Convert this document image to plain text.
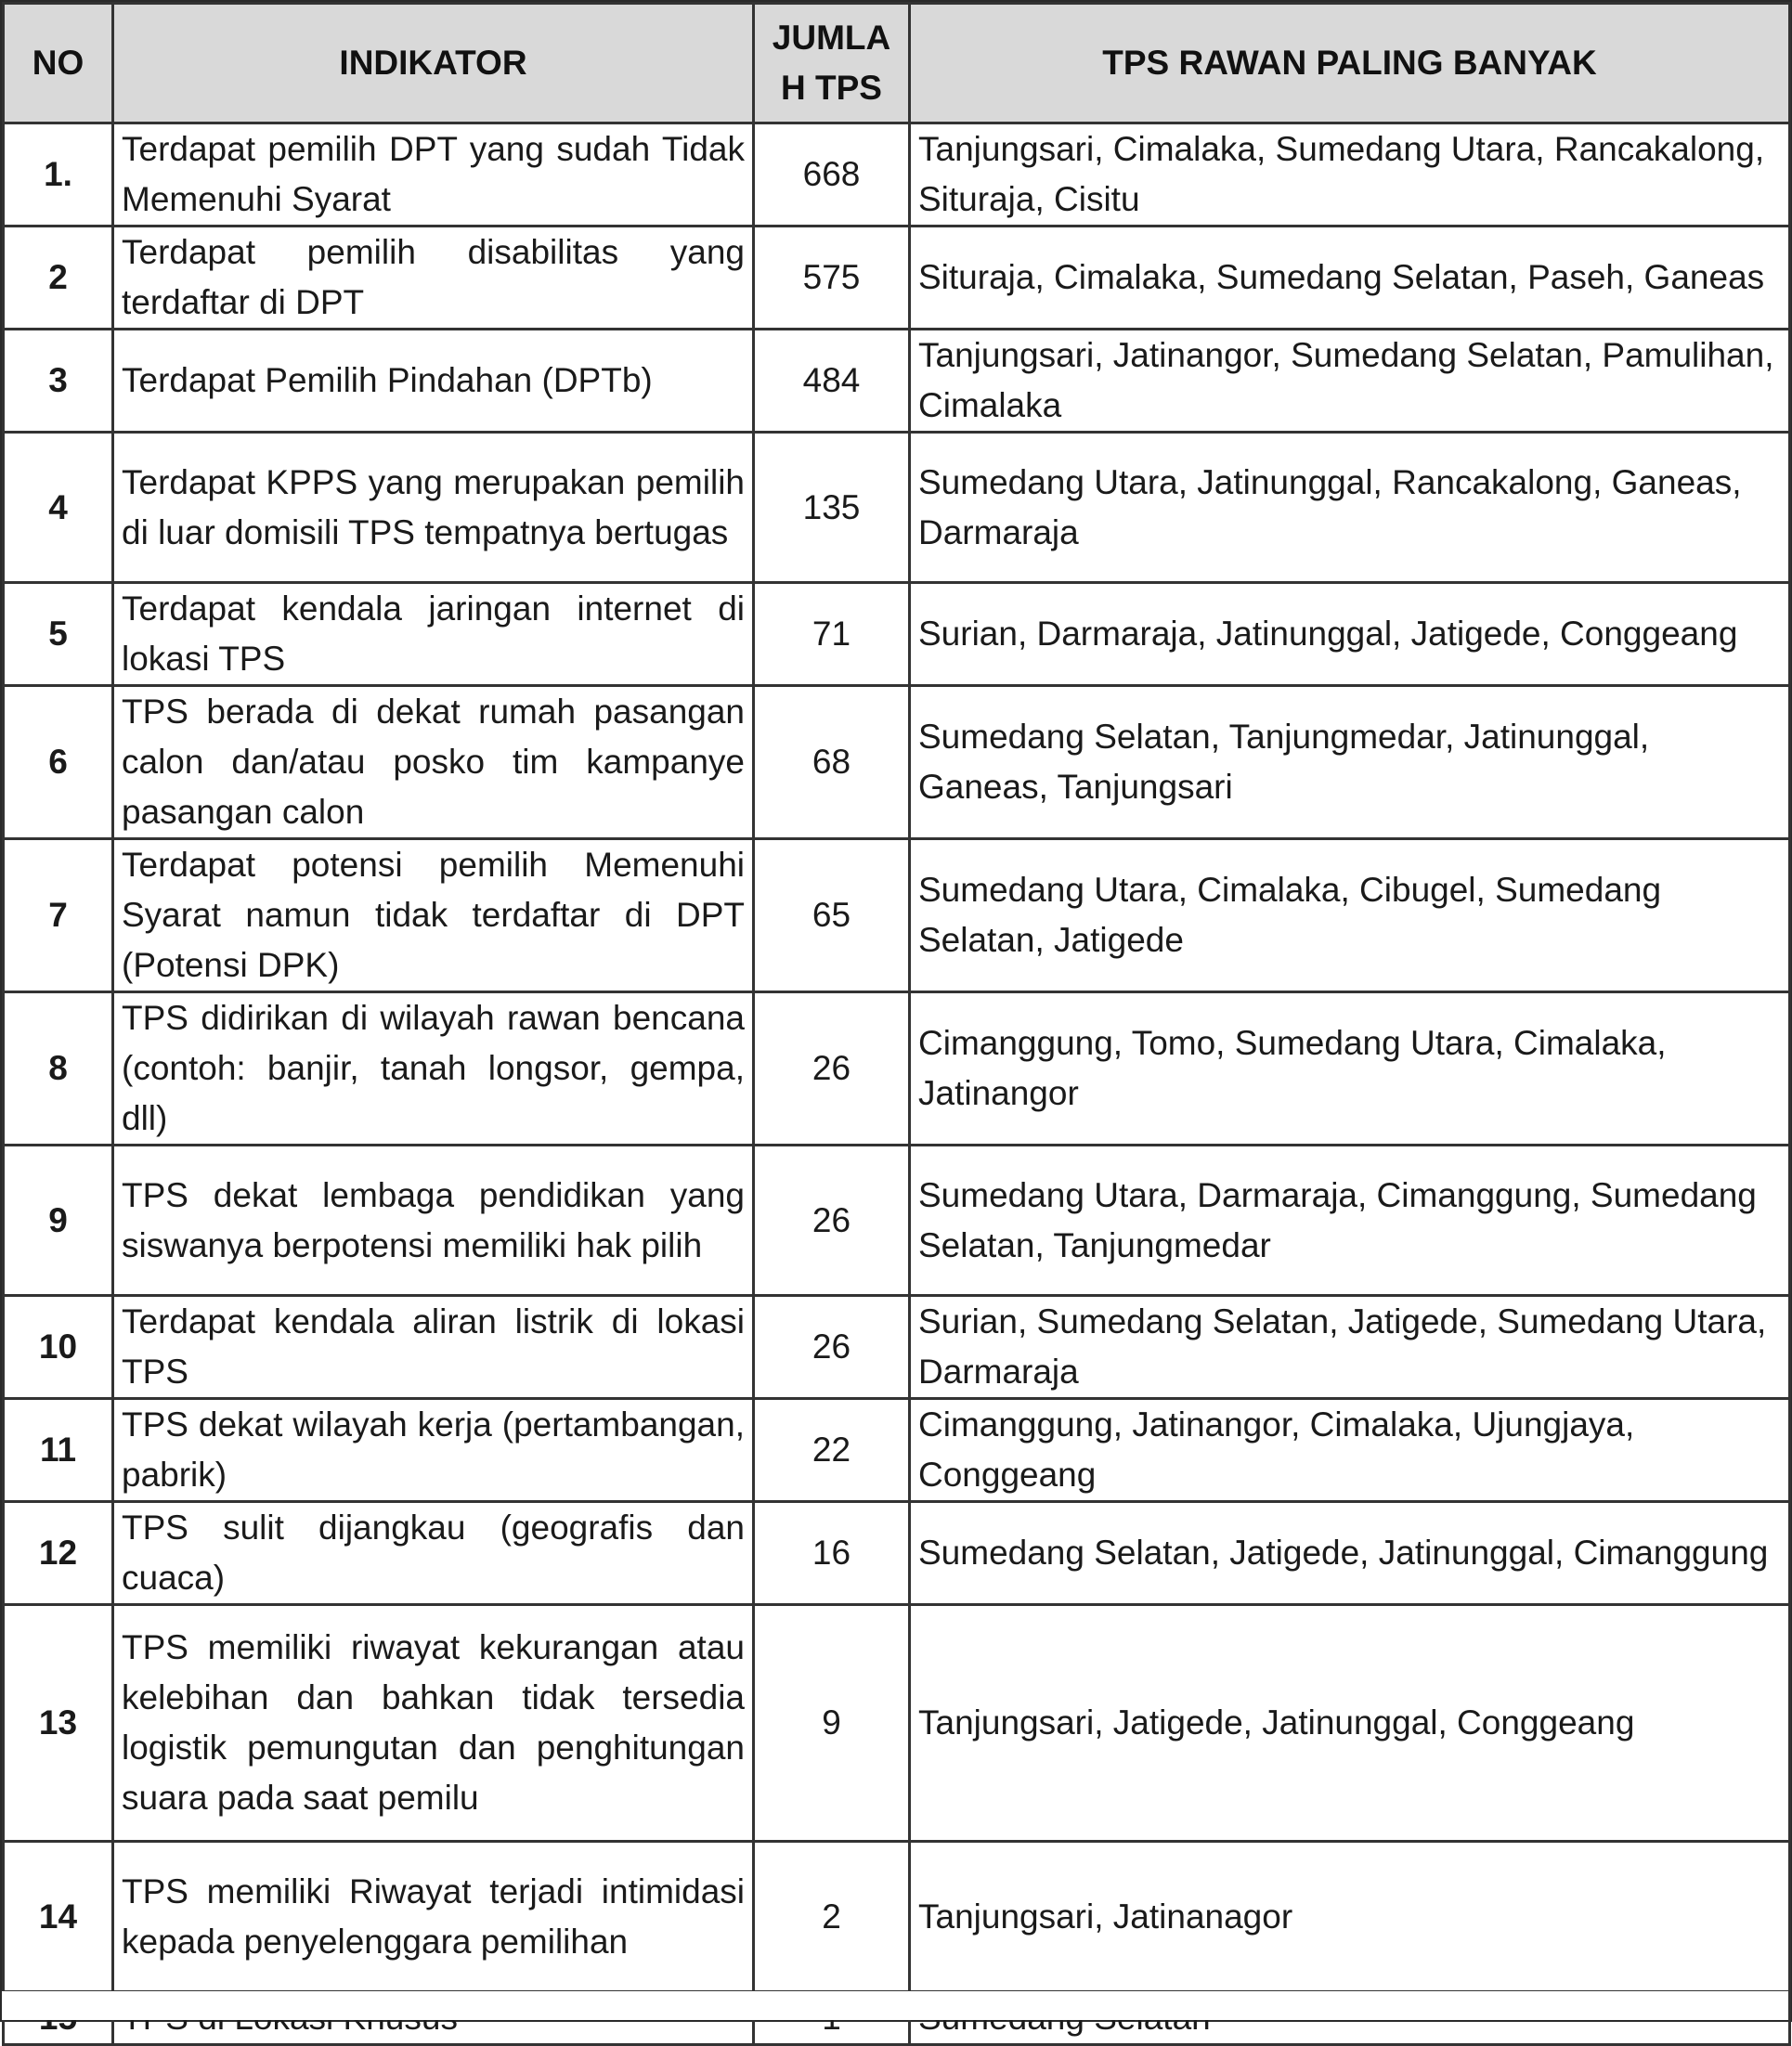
NO	INDIKATOR	JUMLA H TPS	TPS RAWAN PALING BANYAK
1.	Terdapat pemilih DPT yang sudah Tidak Memenuhi Syarat	668	Tanjungsari, Cimalaka, Sumedang Utara, Rancakalong, Situraja, Cisitu
2	Terdapat pemilih disabilitas yang terdaftar di DPT	575	Situraja, Cimalaka, Sumedang Selatan, Paseh, Ganeas
3	Terdapat Pemilih Pindahan (DPTb)	484	Tanjungsari, Jatinangor, Sumedang Selatan, Pamulihan, Cimalaka
4	Terdapat KPPS yang merupakan pemilih di luar domisili TPS tempatnya bertugas	135	Sumedang Utara, Jatinunggal, Rancakalong, Ganeas, Darmaraja
5	Terdapat kendala jaringan internet di lokasi TPS	71	Surian, Darmaraja, Jatinunggal, Jatigede, Conggeang
6	TPS berada di dekat rumah pasangan calon dan/atau posko tim kampanye pasangan calon	68	Sumedang Selatan, Tanjungmedar, Jatinunggal, Ganeas, Tanjungsari
7	Terdapat potensi pemilih Memenuhi Syarat namun tidak terdaftar di DPT (Potensi DPK)	65	Sumedang Utara, Cimalaka, Cibugel, Sumedang Selatan, Jatigede
8	TPS didirikan di wilayah rawan bencana (contoh: banjir, tanah longsor, gempa, dll)	26	Cimanggung, Tomo, Sumedang Utara, Cimalaka, Jatinangor
9	TPS dekat lembaga pendidikan yang siswanya berpotensi memiliki hak pilih	26	Sumedang Utara, Darmaraja, Cimanggung, Sumedang Selatan, Tanjungmedar
10	Terdapat kendala aliran listrik di lokasi TPS	26	Surian, Sumedang Selatan, Jatigede, Sumedang Utara, Darmaraja
11	TPS dekat wilayah kerja (pertambangan, pabrik)	22	Cimanggung, Jatinangor, Cimalaka, Ujungjaya, Conggeang
12	TPS sulit dijangkau (geografis dan cuaca)	16	Sumedang Selatan, Jatigede, Jatinunggal, Cimanggung
13	TPS memiliki riwayat kekurangan atau kelebihan dan bahkan tidak tersedia logistik pemungutan dan penghitungan suara pada saat pemilu	9	Tanjungsari, Jatigede, Jatinunggal, Conggeang
14	TPS memiliki Riwayat terjadi intimidasi kepada penyelenggara pemilihan	2	Tanjungsari, Jatinanagor
